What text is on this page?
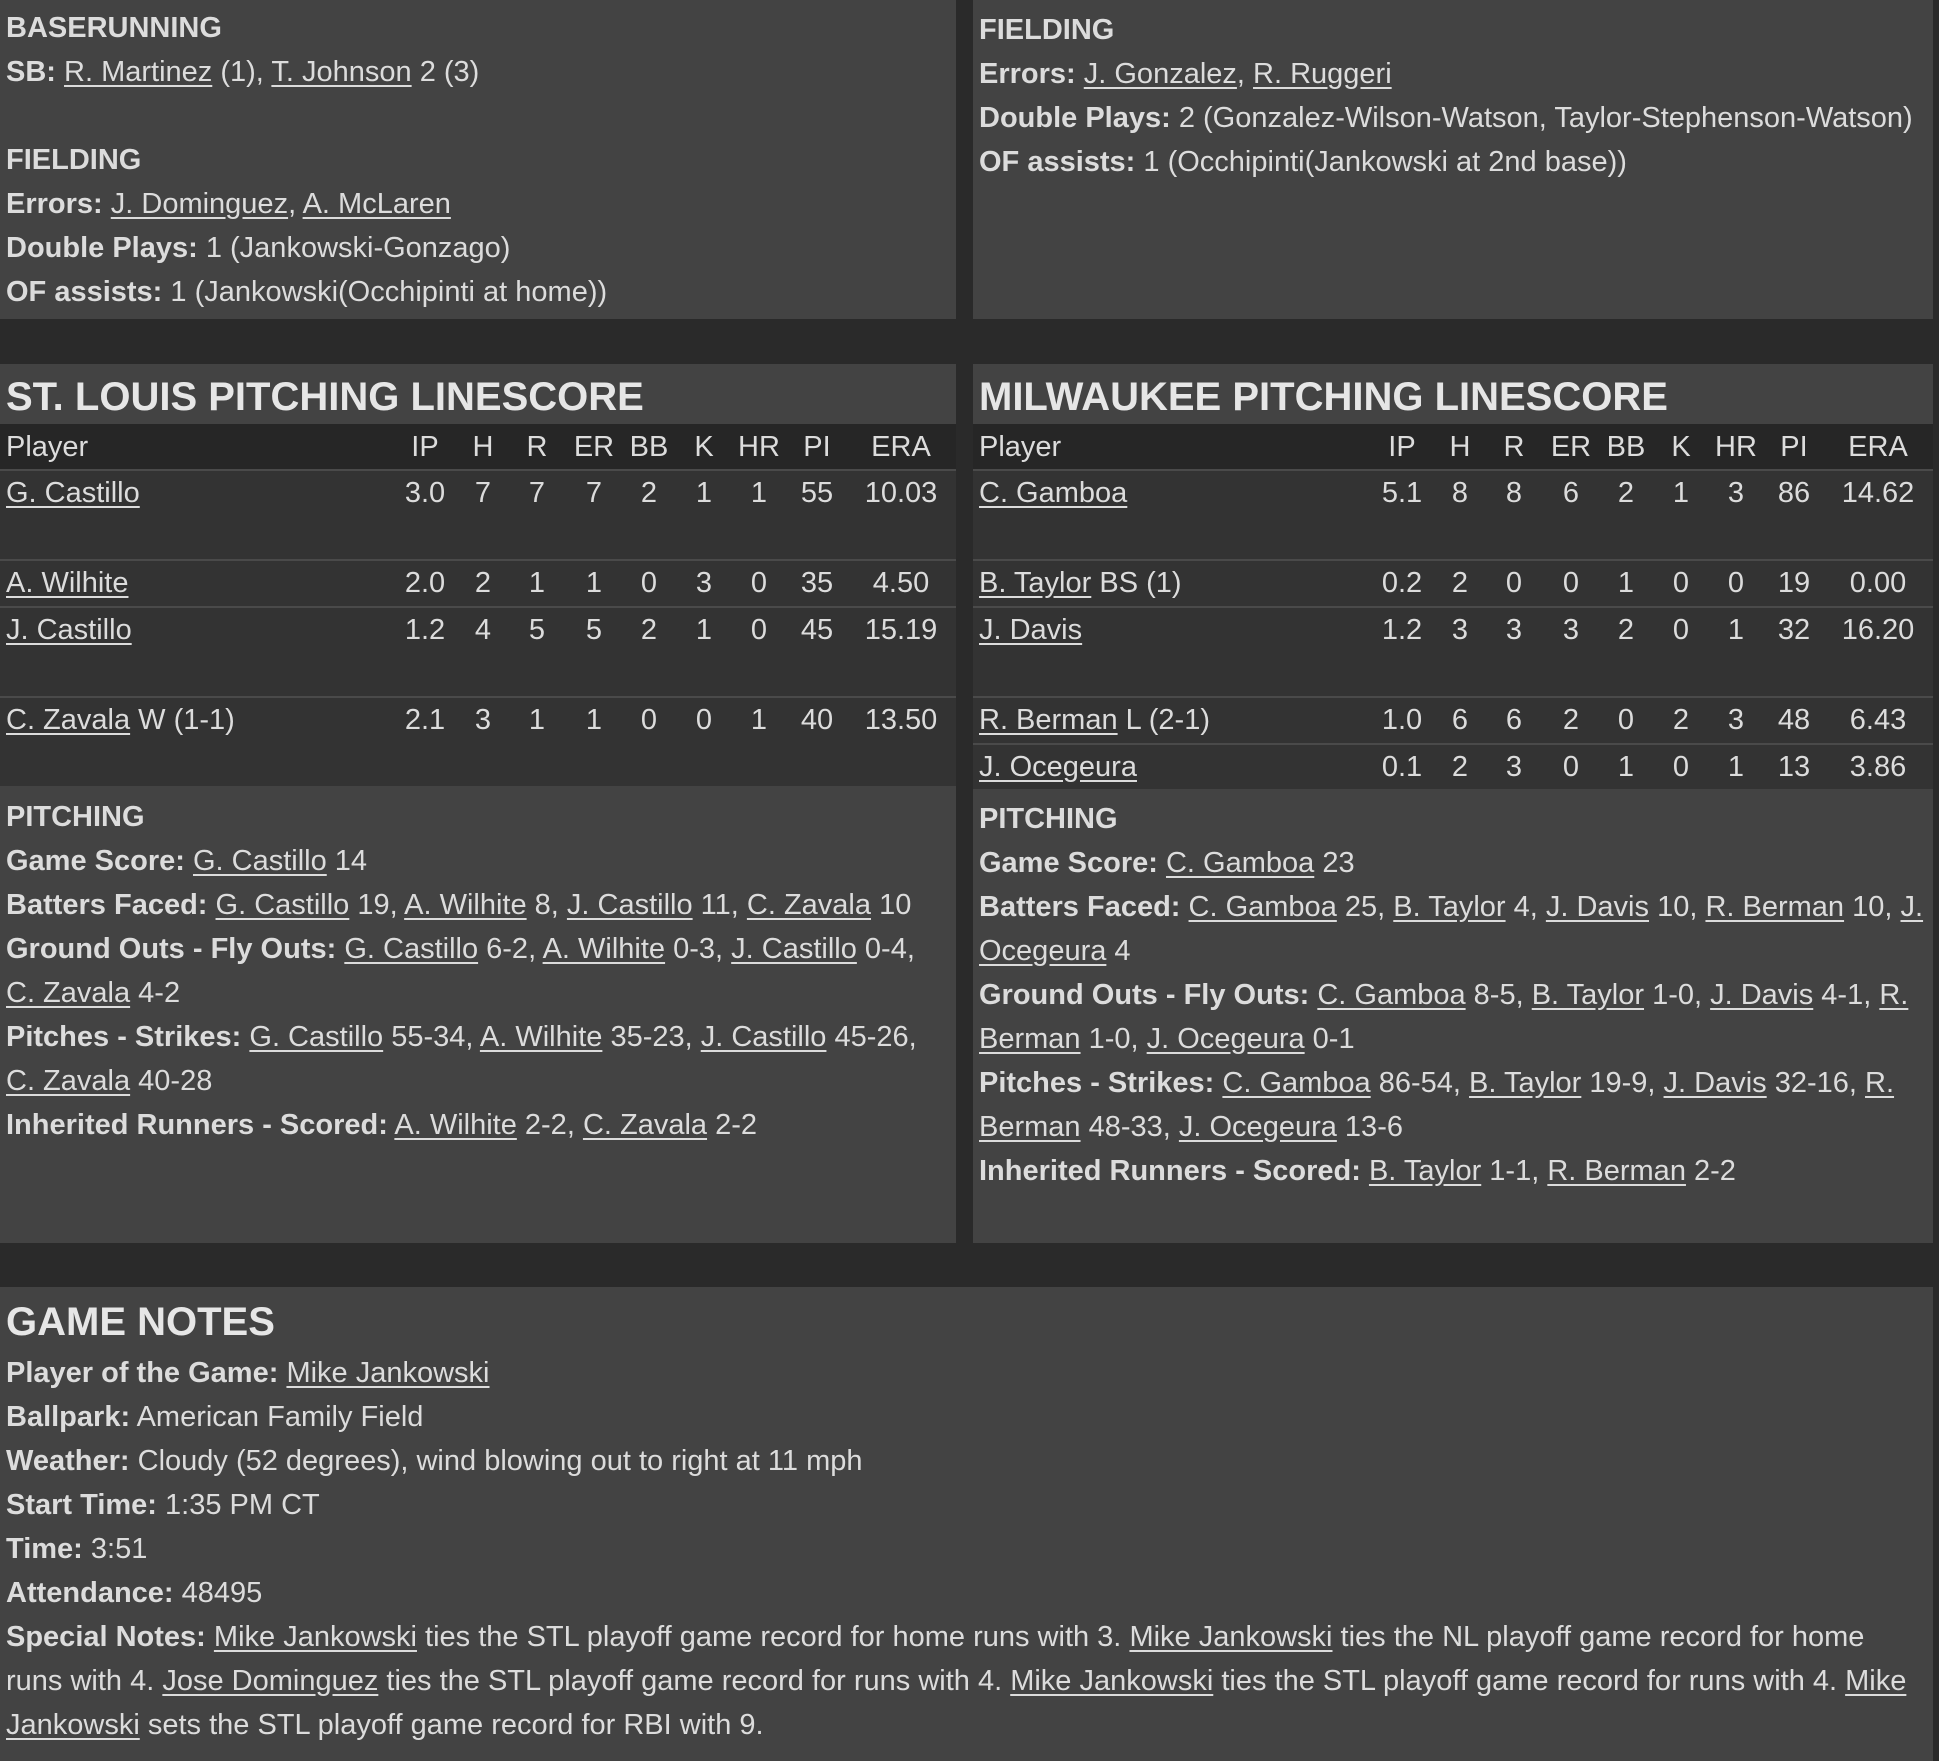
BASERUNNING
SB: R. Martinez (1), T. Johnson 2 (3)
FIELDING
Errors: J. Dominguez, A. McLaren
Double Plays: 1 (Jankowski-Gonzago)
OF assists: 1 (Jankowski(Occhipinti at home))
FIELDING
Errors: J. Gonzalez, R. Ruggeri
Double Plays: 2 (Gonzalez-Wilson-Watson, Taylor-Stephenson-Watson)
OF assists: 1 (Occhipinti(Jankowski at 2nd base))
ST. LOUIS PITCHING LINESCORE
Player	IP	H	R	ER	BB	K	HR	PI	ERA
G. Castillo	3.0	7	7	7	2	1	1	55	10.03
A. Wilhite	2.0	2	1	1	0	3	0	35	4.50
J. Castillo	1.2	4	5	5	2	1	0	45	15.19
C. Zavala W (1-1)	2.1	3	1	1	0	0	1	40	13.50
MILWAUKEE PITCHING LINESCORE
Player	IP	H	R	ER	BB	K	HR	PI	ERA
C. Gamboa	5.1	8	8	6	2	1	3	86	14.62
B. Taylor BS (1)	0.2	2	0	0	1	0	0	19	0.00
J. Davis	1.2	3	3	3	2	0	1	32	16.20
R. Berman L (2-1)	1.0	6	6	2	0	2	3	48	6.43
J. Ocegeura	0.1	2	3	0	1	0	1	13	3.86
PITCHING
Game Score: G. Castillo 14
Batters Faced: G. Castillo 19, A. Wilhite 8, J. Castillo 11, C. Zavala 10
Ground Outs - Fly Outs: G. Castillo 6-2, A. Wilhite 0-3, J. Castillo 0-4, C. Zavala 4-2
Pitches - Strikes: G. Castillo 55-34, A. Wilhite 35-23, J. Castillo 45-26, C. Zavala 40-28
Inherited Runners - Scored: A. Wilhite 2-2, C. Zavala 2-2
PITCHING
Game Score: C. Gamboa 23
Batters Faced: C. Gamboa 25, B. Taylor 4, J. Davis 10, R. Berman 10, J. Ocegeura 4
Ground Outs - Fly Outs: C. Gamboa 8-5, B. Taylor 1-0, J. Davis 4-1, R. Berman 1-0, J. Ocegeura 0-1
Pitches - Strikes: C. Gamboa 86-54, B. Taylor 19-9, J. Davis 32-16, R. Berman 48-33, J. Ocegeura 13-6
Inherited Runners - Scored: B. Taylor 1-1, R. Berman 2-2
GAME NOTES
Player of the Game: Mike Jankowski
Ballpark: American Family Field
Weather: Cloudy (52 degrees), wind blowing out to right at 11 mph
Start Time: 1:35 PM CT
Time: 3:51
Attendance: 48495
Special Notes: Mike Jankowski ties the STL playoff game record for home runs with 3. Mike Jankowski ties the NL playoff game record for home runs with 4. Jose Dominguez ties the STL playoff game record for runs with 4. Mike Jankowski ties the STL playoff game record for runs with 4. Mike Jankowski sets the STL playoff game record for RBI with 9.
